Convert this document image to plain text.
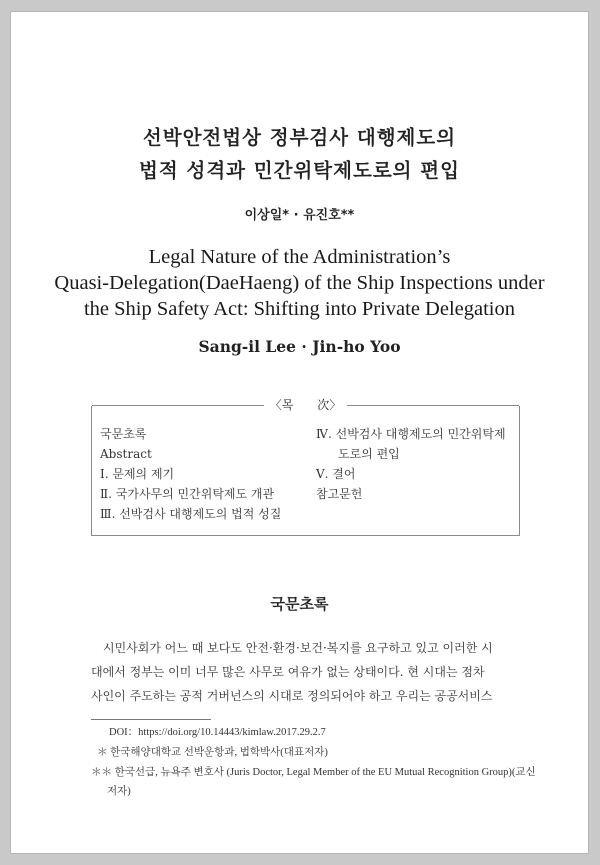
선박안전법상 정부검사 대행제도의
법적 성격과 민간위탁제도로의 편입
이상일* · 유진호**
Legal Nature of the Administration’s
Quasi-Delegation(DaeHaeng) of the Ship Inspections under
the Ship Safety Act: Shifting into Private Delegation
Sang-il Lee · Jin-ho Yoo
〈목　　次〉
국문초록
Abstract
Ⅰ. 문제의 제기
Ⅱ. 국가사무의 민간위탁제도 개관
Ⅲ. 선박검사 대행제도의 법적 성질
Ⅳ. 선박검사 대행제도의 민간위탁제
도로의 편입
Ⅴ. 결어
참고문헌
국문초록
시민사회가 어느 때 보다도 안전·환경·보건·복지를 요구하고 있고 이러한 시
대에서 정부는 이미 너무 많은 사무로 여유가 없는 상태이다. 현 시대는 점차
사인이 주도하는 공적 거버넌스의 시대로 정의되어야 하고 우리는 공공서비스
DOI：https://doi.org/10.14443/kimlaw.2017.29.2.7
＊ 한국해양대학교 선박운항과, 법학박사(대표저자)
＊＊ 한국선급, 뉴욕주 변호사 (Juris Doctor, Legal Member of the EU Mutual Recognition Group)(교신
저자)
